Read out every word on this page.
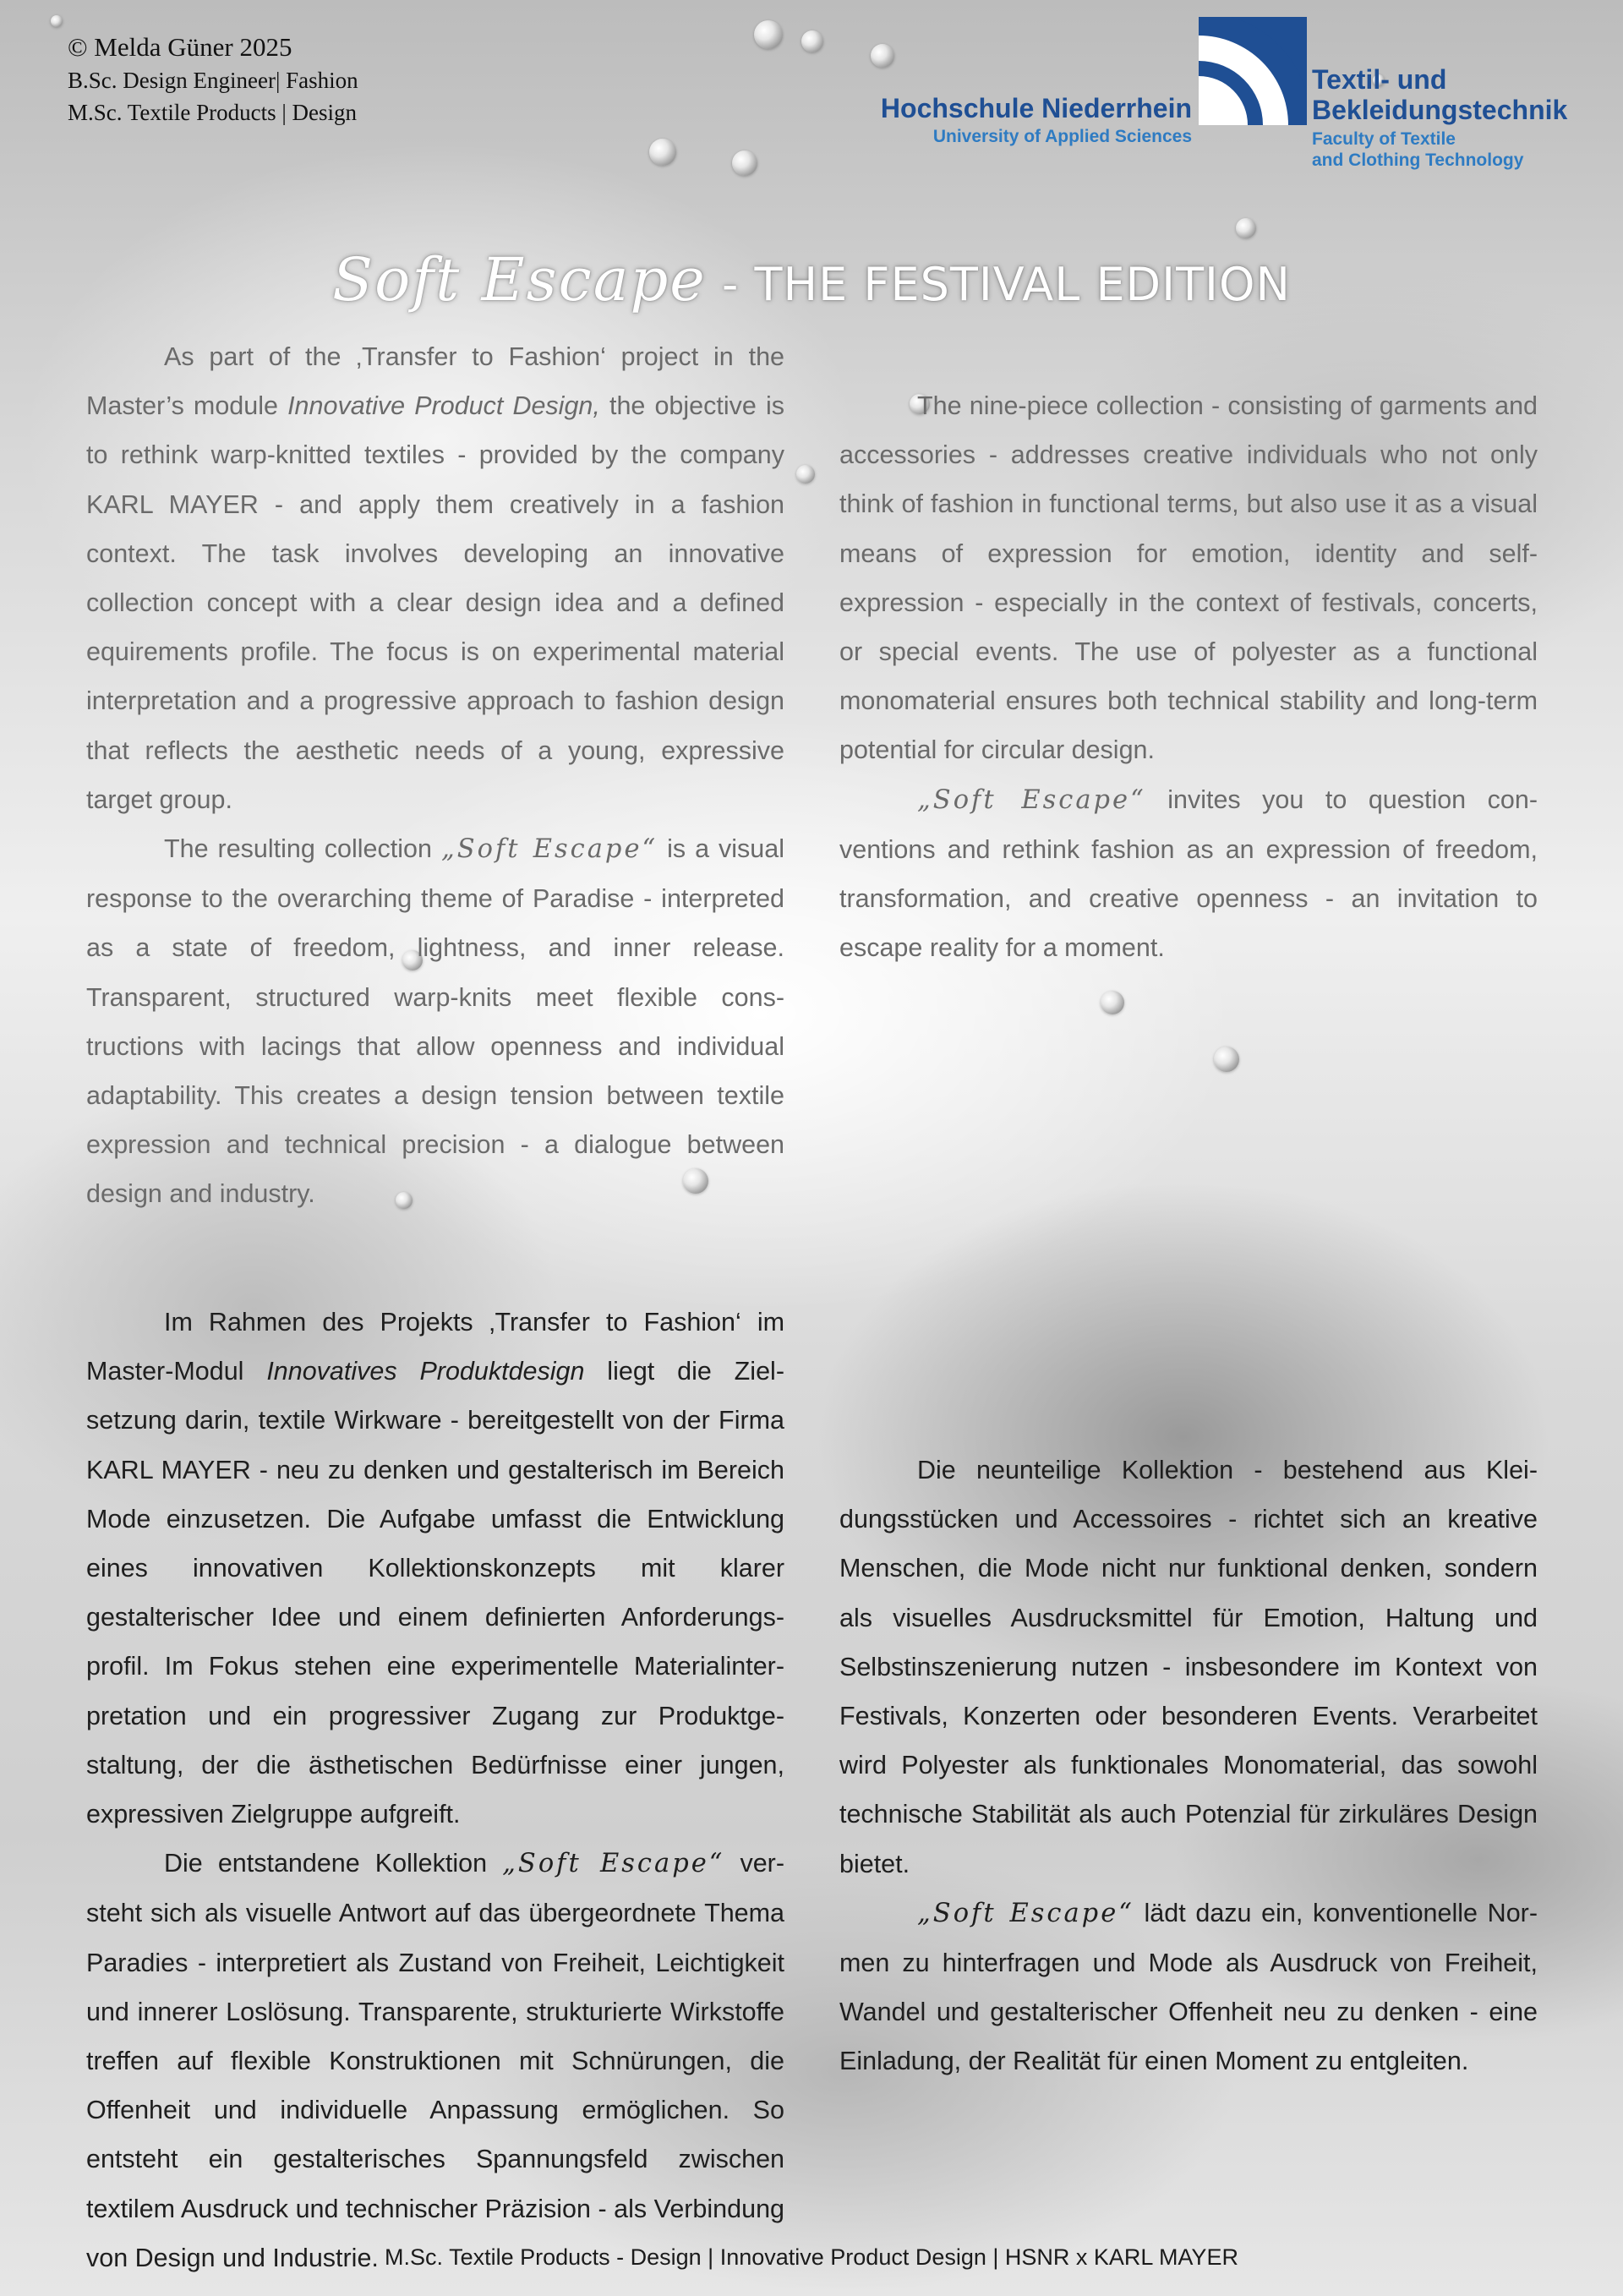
© Melda Güner 2025
B.Sc. Design Engineer| Fashion
M.Sc. Textile Products | Design	Hochschule Niederrhein
University of Applied Sciences
Textil- und
Bekleidungstechnik
Faculty of Textile
and Clothing Technology
Soft Escape - THE FESTIVAL EDITION

As part of the ‚Transfer to Fashion‘ project in the Master’s module Innovative Product Design, the objective is to rethink warp-knitted textiles - provided by the company KARL MAYER - and apply them creatively in a fashion context. The task involves developing an innovative collection concept with a clear design idea and a defined equirements profile. The focus is on experimental material interpretation and a progressive approach to fashion design that reflects the aesthetic needs of a young, expressive target group.

The resulting collection „Soft Escape“ is a visual response to the overarching theme of Paradise - interpreted as a state of freedom, lightness, and inner release. Transparent, structured warp-knits meet flexible constructions with lacings that allow openness and individual adaptability. This creates a design tension between textile expression and technical precision - a dialogue between design and industry.

The nine-piece collection - consisting of garments and accessories - addresses creative individuals who not only think of fashion in functional terms, but also use it as a visual means of expression for emotion, identity and self-expression - especially in the context of festivals, concerts, or special events. The use of polyester as a functional monomaterial ensures both technical stability and long-term potential for circular design.

„Soft Escape“ invites you to question conventions and rethink fashion as an expression of freedom, transformation, and creative openness - an invitation to escape reality for a moment.

Im Rahmen des Projekts ‚Transfer to Fashion‘ im Master-Modul Innovatives Produktdesign liegt die Zielsetzung darin, textile Wirkware - bereitgestellt von der Firma KARL MAYER - neu zu denken und gestalterisch im Bereich Mode einzusetzen. Die Aufgabe umfasst die Entwicklung eines innovativen Kollektionskonzepts mit klarer gestalterischer Idee und einem definierten Anforderungsprofil. Im Fokus stehen eine experimentelle Materialinterpretation und ein progressiver Zugang zur Produktgestaltung, der die ästhetischen Bedürfnisse einer jungen, expressiven Zielgruppe aufgreift.

Die entstandene Kollektion „Soft Escape“ versteht sich als visuelle Antwort auf das übergeordnete Thema Paradies - interpretiert als Zustand von Freiheit, Leichtigkeit und innerer Loslösung. Transparente, strukturierte Wirkstoffe treffen auf flexible Konstruktionen mit Schnürungen, die Offenheit und individuelle Anpassung ermöglichen. So entsteht ein gestalterisches Spannungsfeld zwischen textilem Ausdruck und technischer Präzision - als Verbindung von Design und Industrie.

Die neunteilige Kollektion - bestehend aus Kleidungsstücken und Accessoires - richtet sich an kreative Menschen, die Mode nicht nur funktional denken, sondern als visuelles Ausdrucksmittel für Emotion, Haltung und Selbstinszenierung nutzen - insbesondere im Kontext von Festivals, Konzerten oder besonderen Events. Verarbeitet wird Polyester als funktionales Monomaterial, das sowohl technische Stabilität als auch Potenzial für zirkuläres Design bietet.

„Soft Escape“ lädt dazu ein, konventionelle Normen zu hinterfragen und Mode als Ausdruck von Freiheit, Wandel und gestalterischer Offenheit neu zu denken - eine Einladung, der Realität für einen Moment zu entgleiten.

M.Sc. Textile Products - Design | Innovative Product Design | HSNR x KARL MAYER
